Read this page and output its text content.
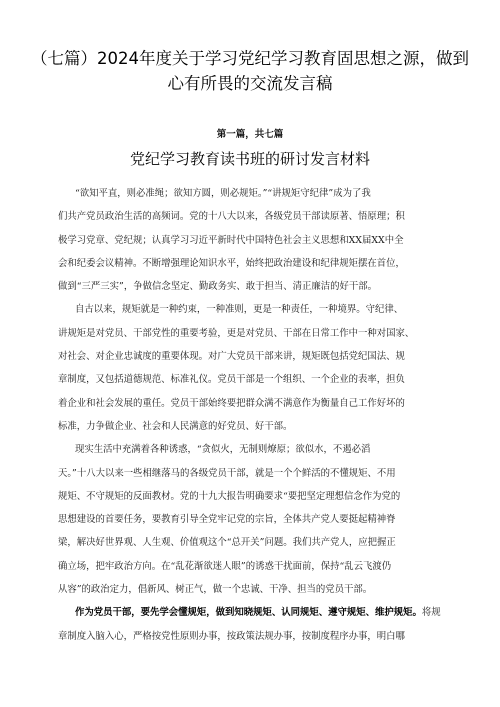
（七篇）2024年度关于学习党纪学习教育固思想之源，做到
心有所畏的交流发言稿
第一篇，共七篇
党纪学习教育读书班的研讨发言材料

“欲知平直，则必准绳；欲知方圆，则必规矩。”“讲规矩守纪律”成为了我
们共产党员政治生活的高频词。党的十八大以来，各级党员干部读原著、悟原理；积
极学习党章、党纪规；认真学习习近平新时代中国特色社会主义思想和XX届XX中全
会和纪委会议精神。不断增强理论知识水平，始终把政治建设和纪律规矩摆在首位，
做到“三严三实”，争做信念坚定、勤政务实、敢于担当、清正廉洁的好干部。

自古以来，规矩就是一种约束，一种准则，更是一种责任，一种境界。守纪律、
讲规矩是对党员、干部党性的重要考验，更是对党员、干部在日常工作中一种对国家、
对社会、对企业忠诚度的重要体现。对广大党员干部来讲，规矩既包括党纪国法、规
章制度，又包括道德规范、标准礼仪。党员干部是一个组织、一个企业的表率，担负
着企业和社会发展的重任。党员干部始终要把群众满不满意作为衡量自己工作好坏的
标准，力争做企业、社会和人民满意的好党员、好干部。

现实生活中充满着各种诱惑，“贪似火，无制则燎原；欲似水，不遏必滔
天。”十八大以来一些相继落马的各级党员干部，就是一个个鲜活的不懂规矩、不用
规矩、不守规矩的反面教材。党的十九大报告明确要求“要把坚定理想信念作为党的
思想建设的首要任务，要教育引导全党牢记党的宗旨，全体共产党人要挺起精神脊
梁，解决好世界观、人生观、价值观这个“总开关”问题。我们共产党人，应把握正
确立场，把牢政治方向。在“乱花渐欲迷人眼”的诱惑干扰面前，保持“乱云飞渡仍
从容”的政治定力，倡新风、树正气，做一个忠诚、干净、担当的党员干部。

作为党员干部，要先学会懂规矩，做到知晓规矩、认同规矩、遵守规矩、维护规矩。将规
章制度入脑入心，严格按党性原则办事，按政策法规办事，按制度程序办事，明白哪
